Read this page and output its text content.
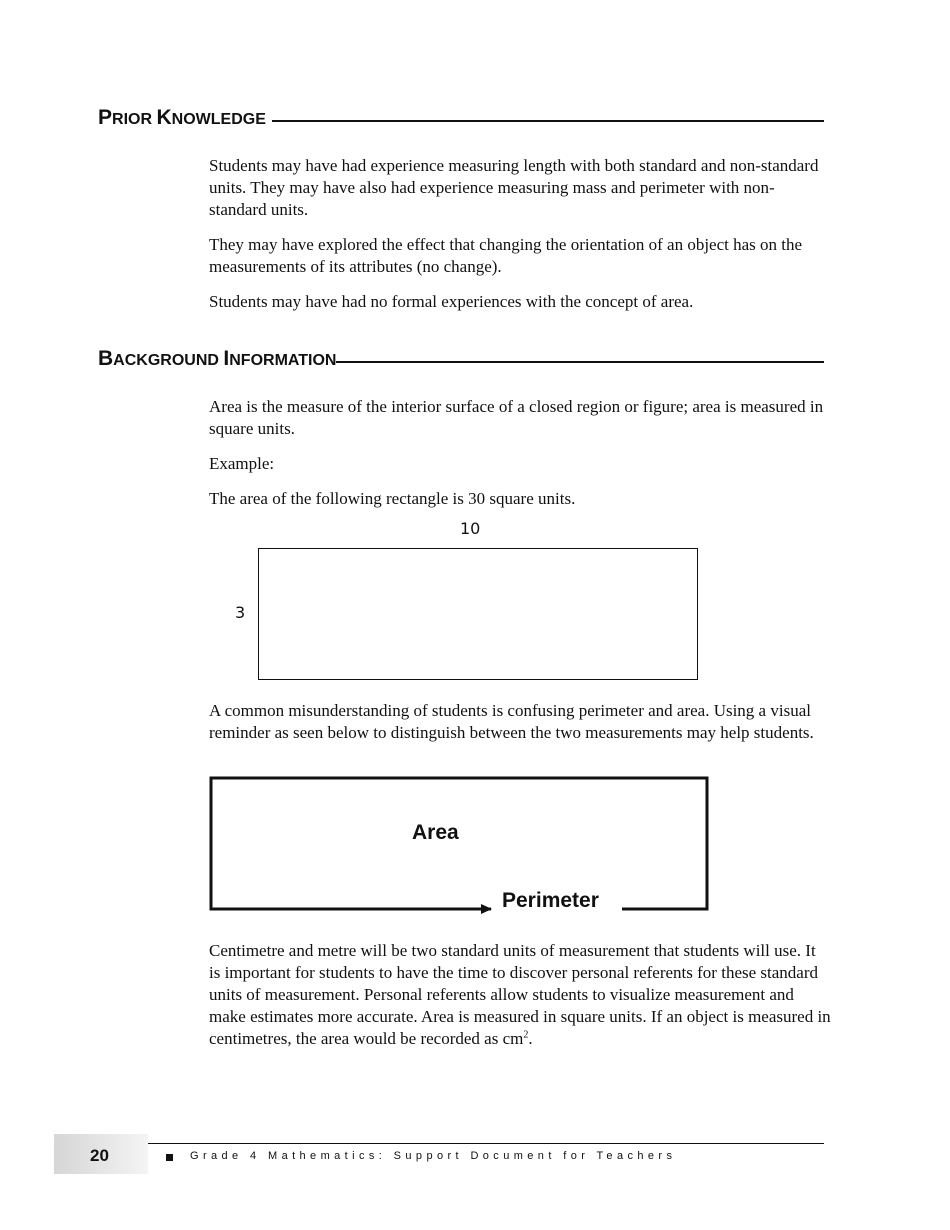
P RIOR K NOWLEDGE

Students may have had experience measuring length with both standard and non-standard units. They may have also had experience measuring mass and perimeter with non-standard units.

They may have explored the effect that changing the orientation of an object has on the measurements of its attributes (no change).

Students may have had no formal experiences with the concept of area.

B ACKGROUND I NFORMATION

Area is the measure of the interior surface of a closed region or figure; area is measured in square units.

Example:

The area of the following rectangle is 30 square units.

10
3

A common misunderstanding of students is confusing perimeter and area. Using a visual reminder as seen below to distinguish between the two measurements may help students.

Area
Perimeter

Centimetre and metre will be two standard units of measurement that students will use. It is important for students to have the time to discover personal referents for these standard units of measurement. Personal referents allow students to visualize measurement and make estimates more accurate. Area is measured in square units. If an object is measured in centimetres, the area would be recorded as $cm^2$.

20	Grade 4 Mathematics: Support Document for Teachers
